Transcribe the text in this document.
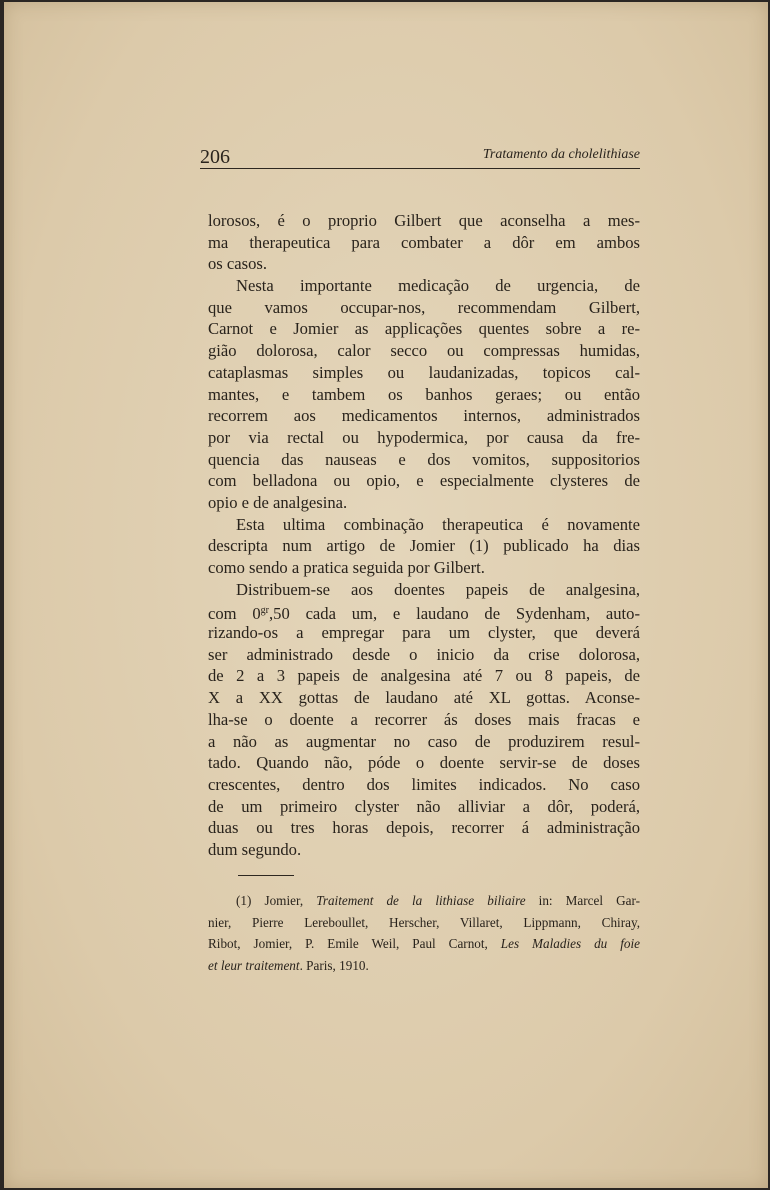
206	Tratamento da cholelithiase
lorosos, é o proprio Gilbert que aconselha a mes-
ma therapeutica para combater a dôr em ambos
os casos.
Nesta importante medicação de urgencia, de
que vamos occupar-nos, recommendam Gilbert,
Carnot e Jomier as applicações quentes sobre a re-
gião dolorosa, calor secco ou compressas humidas,
cataplasmas simples ou laudanizadas, topicos cal-
mantes, e tambem os banhos geraes; ou então
recorrem aos medicamentos internos, administrados
por via rectal ou hypodermica, por causa da fre-
quencia das nauseas e dos vomitos, suppositorios
com belladona ou opio, e especialmente clysteres de
opio e de analgesina.
Esta ultima combinação therapeutica é novamente
descripta num artigo de Jomier (1) publicado ha dias
como sendo a pratica seguida por Gilbert.
Distribuem-se aos doentes papeis de analgesina,
com $0^{gr},50$ cada um, e laudano de Sydenham, auto-
rizando-os a empregar para um clyster, que deverá
ser administrado desde o inicio da crise dolorosa,
de 2 a 3 papeis de analgesina até 7 ou 8 papeis, de
X a XX gottas de laudano até XL gottas. Aconse-
lha-se o doente a recorrer ás doses mais fracas e
a não as augmentar no caso de produzirem resul-
tado. Quando não, póde o doente servir-se de doses
crescentes, dentro dos limites indicados. No caso
de um primeiro clyster não alliviar a dôr, poderá,
duas ou tres horas depois, recorrer á administração
dum segundo.
(1) Jomier, Traitement de la lithiase biliaire in: Marcel Gar-
nier, Pierre Lereboullet, Herscher, Villaret, Lippmann, Chiray,
Ribot, Jomier, P. Emile Weil, Paul Carnot, Les Maladies du foie
et leur traitement. Paris, 1910.
